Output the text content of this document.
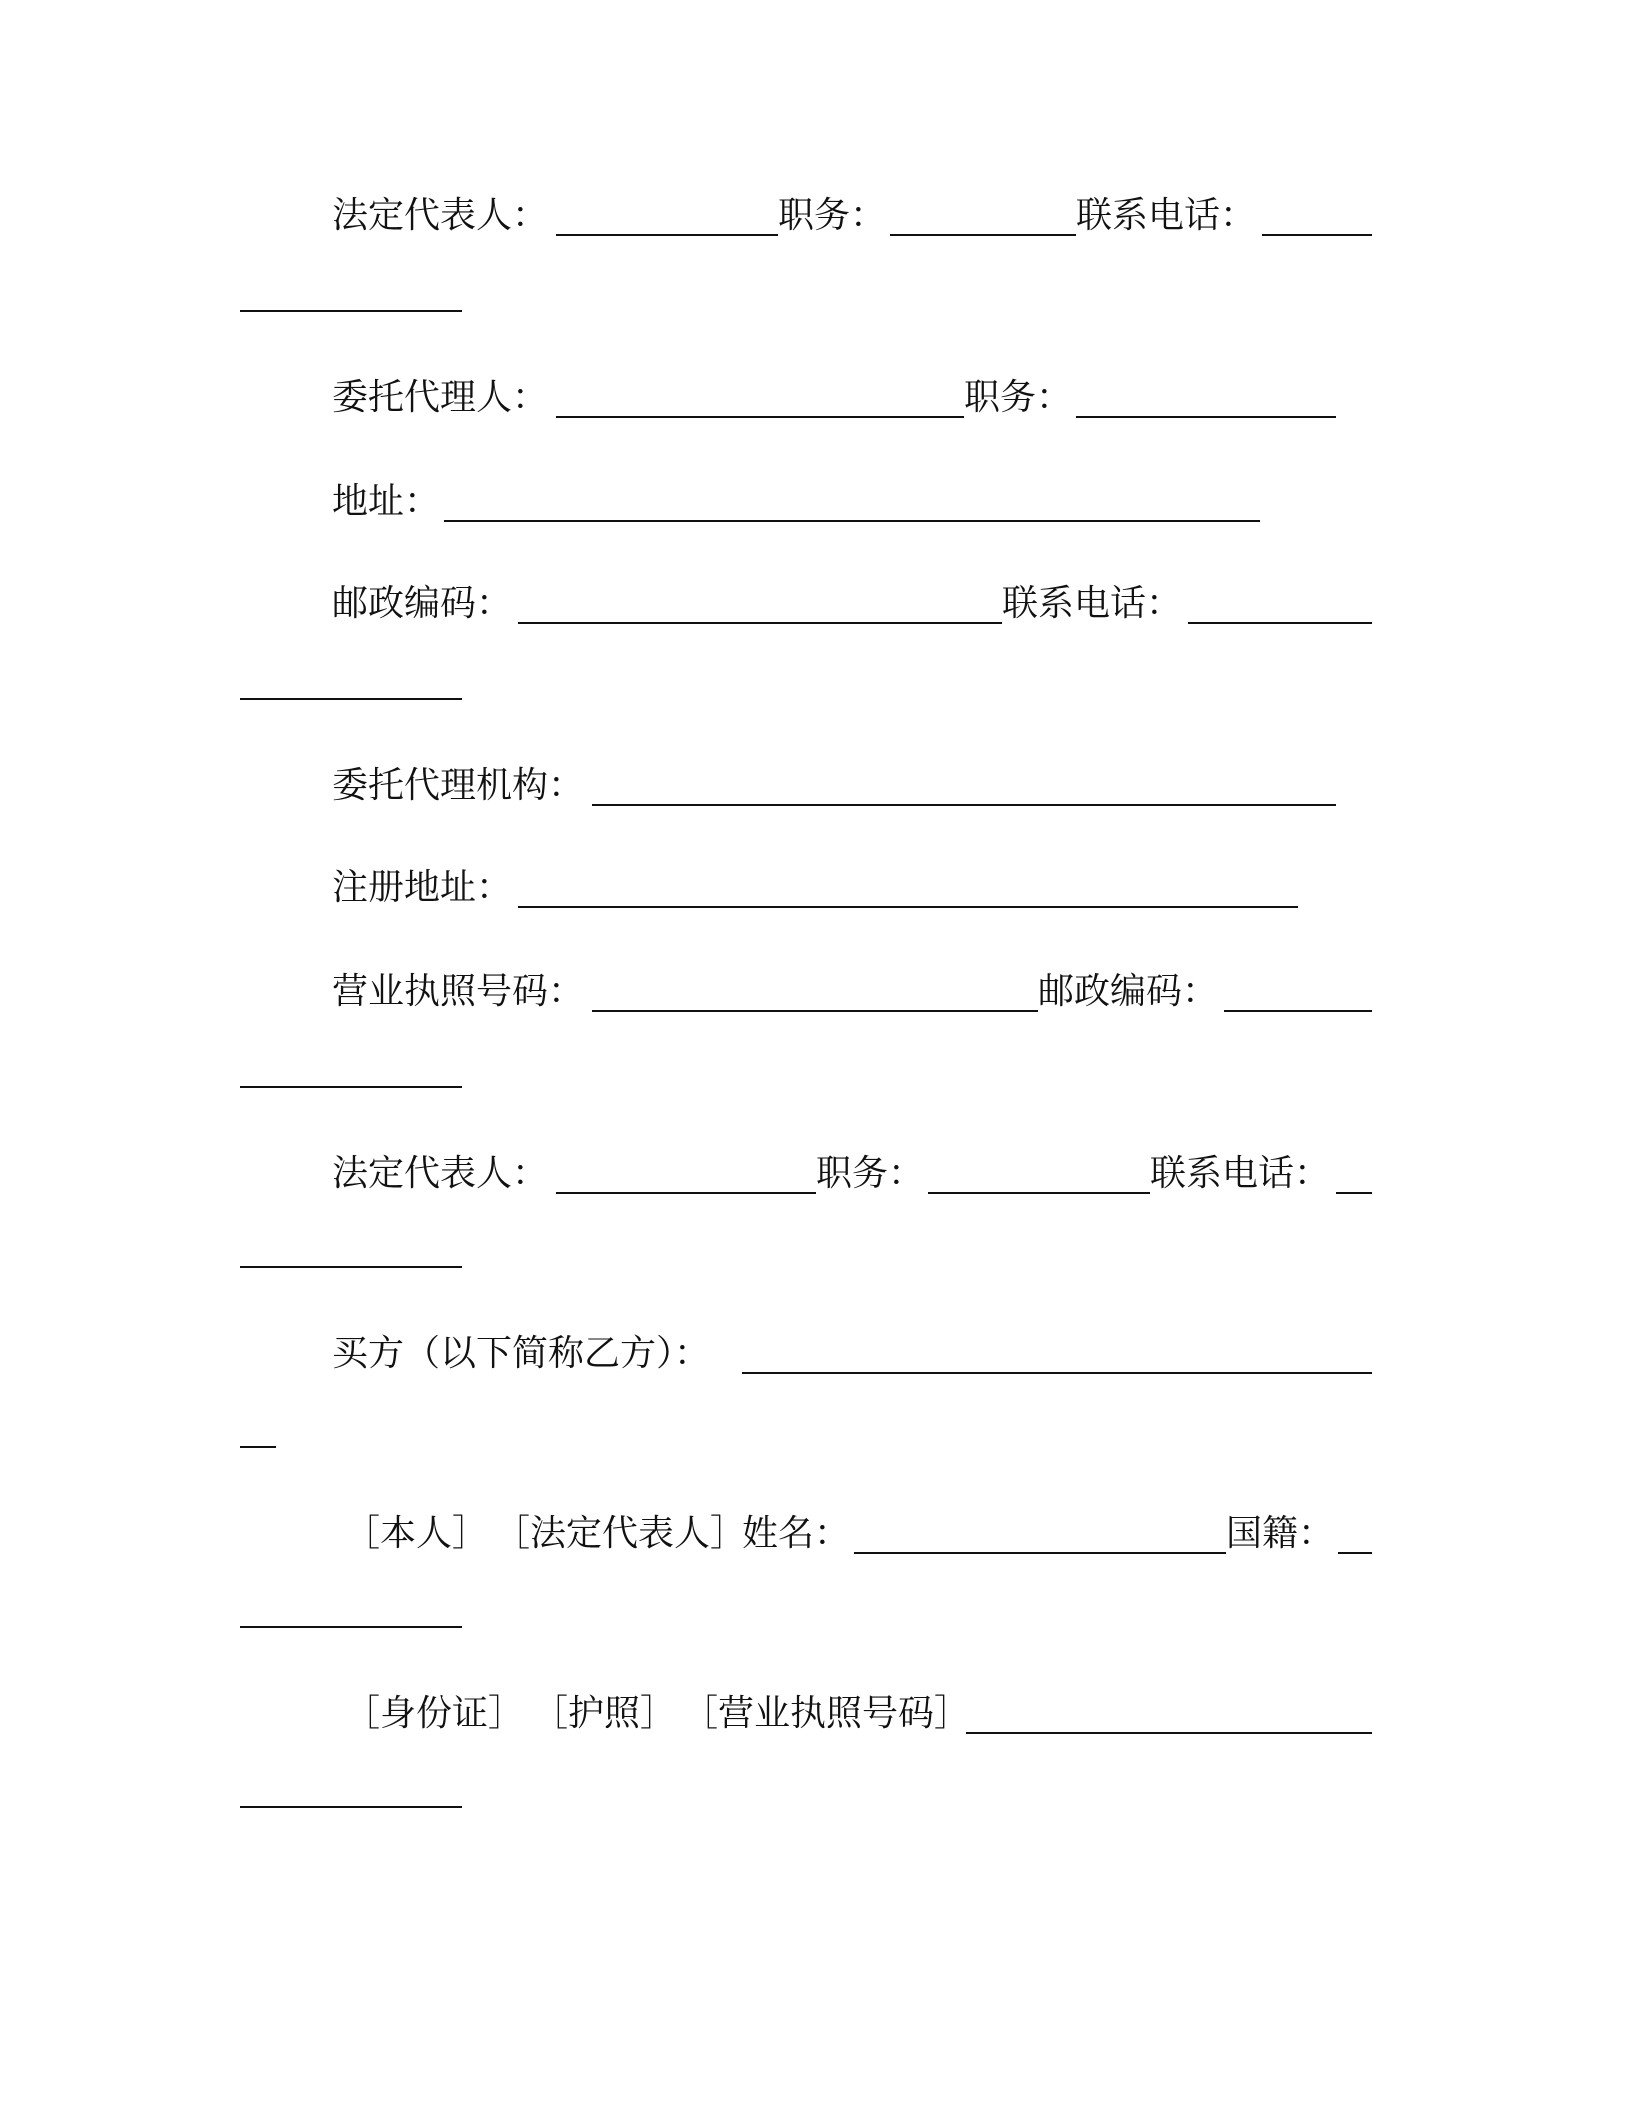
法定代表人：	职务：	联系电话：
委托代理人：	职务：
地址：
邮政编码：	联系电话：
委托代理机构：
注册地址：
营业执照号码：	邮政编码：
法定代表人：	职务：	联系电话：
买方（以下简称乙方）：
［本人］ ［法定代表人］
姓名：	国籍：
［身份证］ ［护照］ ［营业执照号码］
